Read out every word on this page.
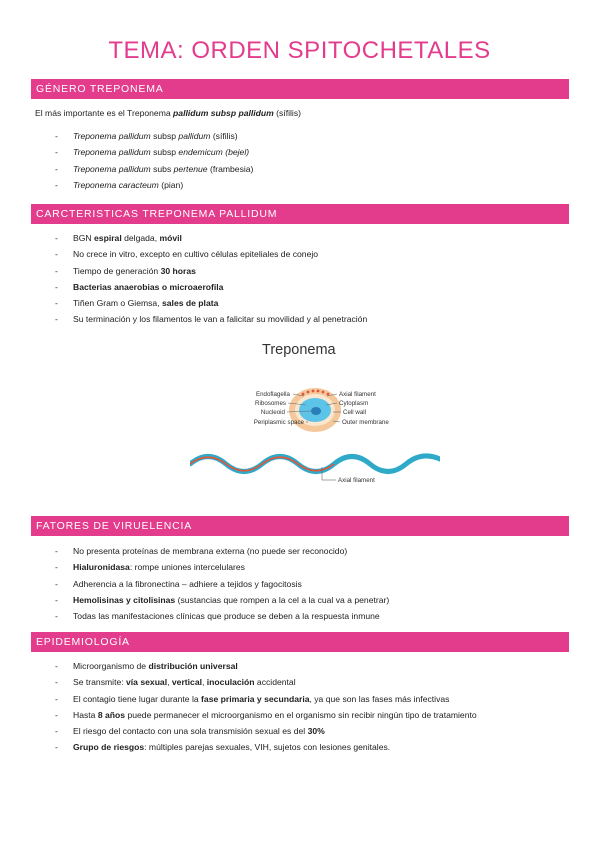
TEMA: ORDEN SPITOCHETALES
GÉNERO TREPONEMA

El más importante es el Treponema pallidum subsp pallidum (sífilis)

- Treponema pallidum subsp pallidum (sífilis)
- Treponema pallidum subsp endemicum (bejel)
- Treponema pallidum subs pertenue (frambesia)
- Treponema caracteum (pian)
CARCTERISTICAS TREPONEMA PALLIDUM
- BGN espiral delgada, móvil
- No crece in vitro, excepto en cultivo células epiteliales de conejo
- Tiempo de generación 30 horas
- Bacterias anaerobias o microaerofila
- Tiñen Gram o Giemsa, sales de plata
- Su terminación y los filamentos le van a falicitar su movilidad y al penetración
Treponema
Endoflagella
Ribosomes
Nucleoid
Periplasmic space
Axial filament
Cytoplasm
Cell wall
Outer membrane
Axial filament
FATORES DE VIRUELENCIA
- No presenta proteínas de membrana externa (no puede ser reconocido)
- Hialuronidasa: rompe uniones intercelulares
- Adherencia a la fibronectina – adhiere a tejidos y fagocitosis
- Hemolisinas y citolisinas (sustancias que rompen a la cel a la cual va a penetrar)
- Todas las manifestaciones clínicas que produce se deben a la respuesta inmune
EPIDEMIOLOGÍA
- Microorganismo de distribución universal
- Se transmite: vía sexual, vertical, inoculación accidental
- El contagio tiene lugar durante la fase primaria y secundaria, ya que son las fases más infectivas
- Hasta 8 años puede permanecer el microorganismo en el organismo sin recibir ningún tipo de tratamiento
- El riesgo del contacto con una sola transmisión sexual es del 30%
- Grupo de riesgos: múltiples parejas sexuales, VIH, sujetos con lesiones genitales.
